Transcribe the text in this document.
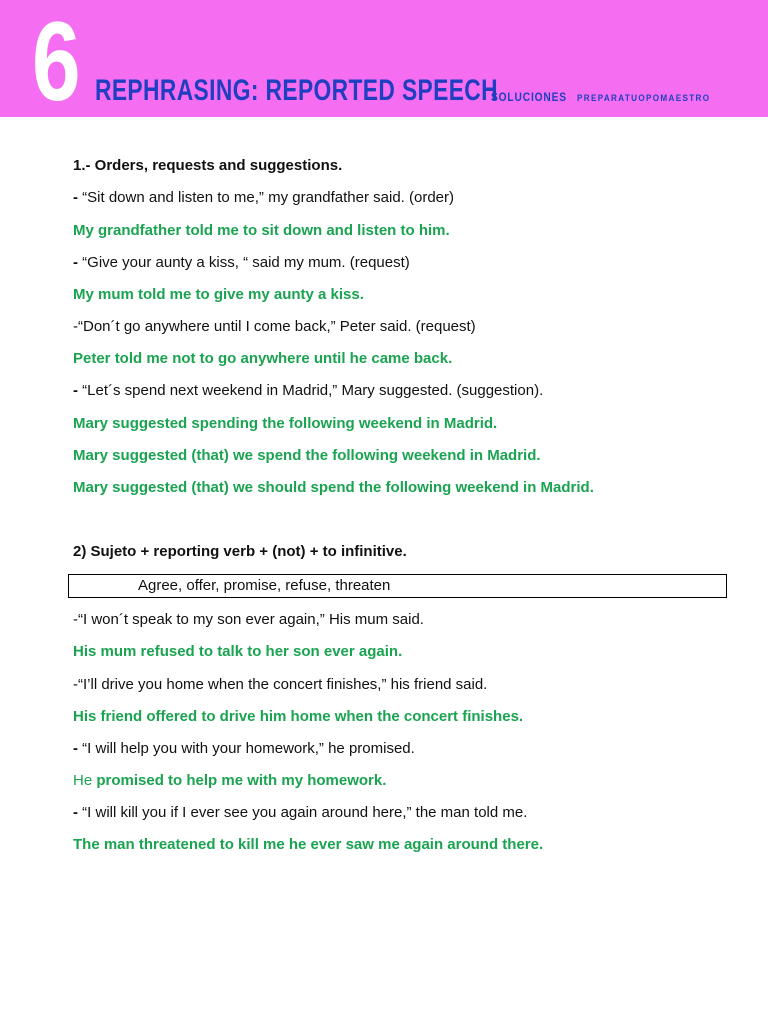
6 REPHRASING: REPORTED SPEECH
SOLUCIONES PREPARATUOPOMAESTRO
1.- Orders, requests and suggestions.
- “Sit down and listen to me,” my grandfather said. (order)
My grandfather told me to sit down and listen to him.
- “Give your aunty a kiss, “ said my mum. (request)
My mum told me to give my aunty a kiss.
-“Don´t go anywhere until I come back,” Peter said. (request)
Peter told me not to go anywhere until he came back.
- “Let´s spend next weekend in Madrid,” Mary suggested. (suggestion).
Mary suggested spending the following weekend in Madrid.
Mary suggested (that) we spend the following weekend in Madrid.
Mary suggested (that) we should spend the following weekend in Madrid.
2) Sujeto + reporting verb + (not) + to infinitive.
Agree, offer, promise, refuse, threaten
-“I won´t speak to my son ever again,” His mum said.
His mum refused to talk to her son ever again.
-“I’ll drive you home when the concert finishes,” his friend said.
His friend offered to drive him home when the concert finishes.
- “I will help you with your homework,” he promised.
He promised to help me with my homework.
- “I will kill you if I ever see you again around here,” the man told me.
The man threatened to kill me he ever saw me again around there.
